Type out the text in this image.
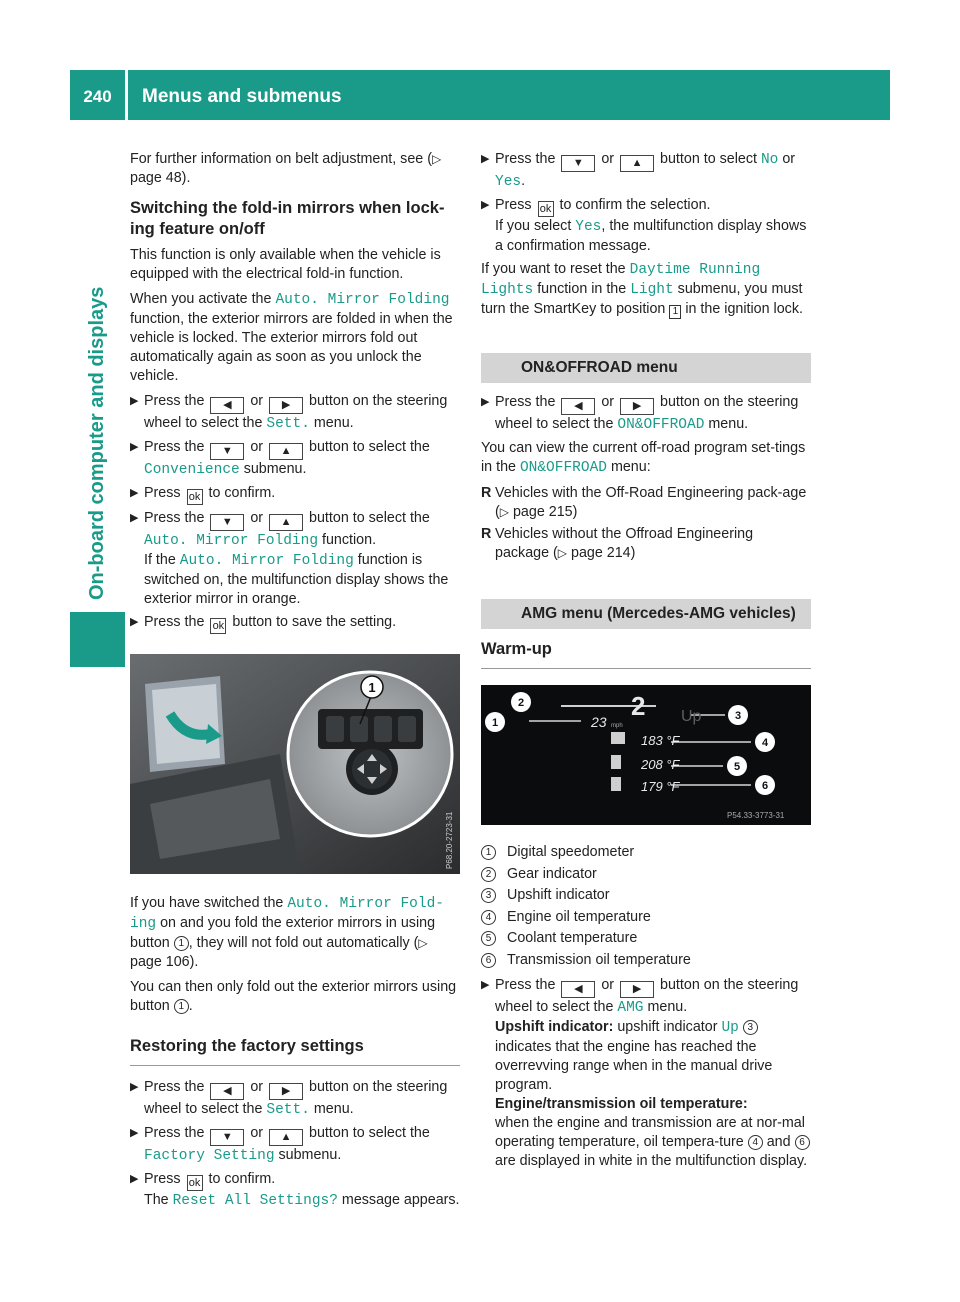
240	Menus and submenus
On-board computer and displays

For further information on belt adjustment, see (▷ page 48).

Switching the fold-in mirrors when lock-ing feature on/off

This function is only available when the vehicle is equipped with the electrical fold-in function.

When you activate the Auto. Mirror Folding function, the exterior mirrors are folded in when the vehicle is locked. The exterior mirrors fold out automatically again as soon as you unlock the vehicle.

▶ Press the ◀ or ▶ button on the steering wheel to select the Sett. menu.
▶ Press the ▼ or ▲ button to select the Convenience submenu.
▶ Press ok to confirm.
▶ Press the ▼ or ▲ button to select the Auto. Mirror Folding function.
If the Auto. Mirror Folding function is switched on, the multifunction display shows the exterior mirror in orange.
▶ Press the ok button to save the setting.
1
P68.20-2723-31

If you have switched the Auto. Mirror Fold‐ing on and you fold the exterior mirrors in using button 1 , they will not fold out automatically (▷ page 106).

You can then only fold out the exterior mirrors using button 1 .

Restoring the factory settings
▶ Press the ◀ or ▶ button on the steering wheel to select the Sett. menu.
▶ Press the ▼ or ▲ button to select the Factory Setting submenu.
▶ Press ok to confirm.
The Reset All Settings? message appears.
▶ Press the ▼ or ▲ button to select No or Yes.
▶ Press ok to confirm the selection.
If you select Yes, the multifunction display shows a confirmation message.

If you want to reset the Daytime Running Lights function in the Light submenu, you must turn the SmartKey to position 1 in the ignition lock.

ON&OFFROAD menu
▶ Press the ◀ or ▶ button on the steering wheel to select the ON&OFFROAD menu.

You can view the current off-road program set-tings in the ON&OFFROAD menu:

R Vehicles with the Off-Road Engineering pack-age (▷ page 215)
R Vehicles without the Offroad Engineering package (▷ page 214)
AMG menu (Mercedes-AMG vehicles)
Warm-up
2
23 mph
Up
183 °F
208 °F
179 °F
1
2
3
4
5
6
P54.33-3773-31
1	Digital speedometer
2	Gear indicator
3	Upshift indicator
4	Engine oil temperature
5	Coolant temperature
6	Transmission oil temperature
▶ Press the ◀ or ▶ button on the steering wheel to select the AMG menu.
Upshift indicator: upshift indicator Up 3 indicates that the engine has reached the overrevving range when in the manual drive program.
Engine/transmission oil temperature:
when the engine and transmission are at nor-mal operating temperature, oil tempera-ture 4 and 6 are displayed in white in the multifunction display.
